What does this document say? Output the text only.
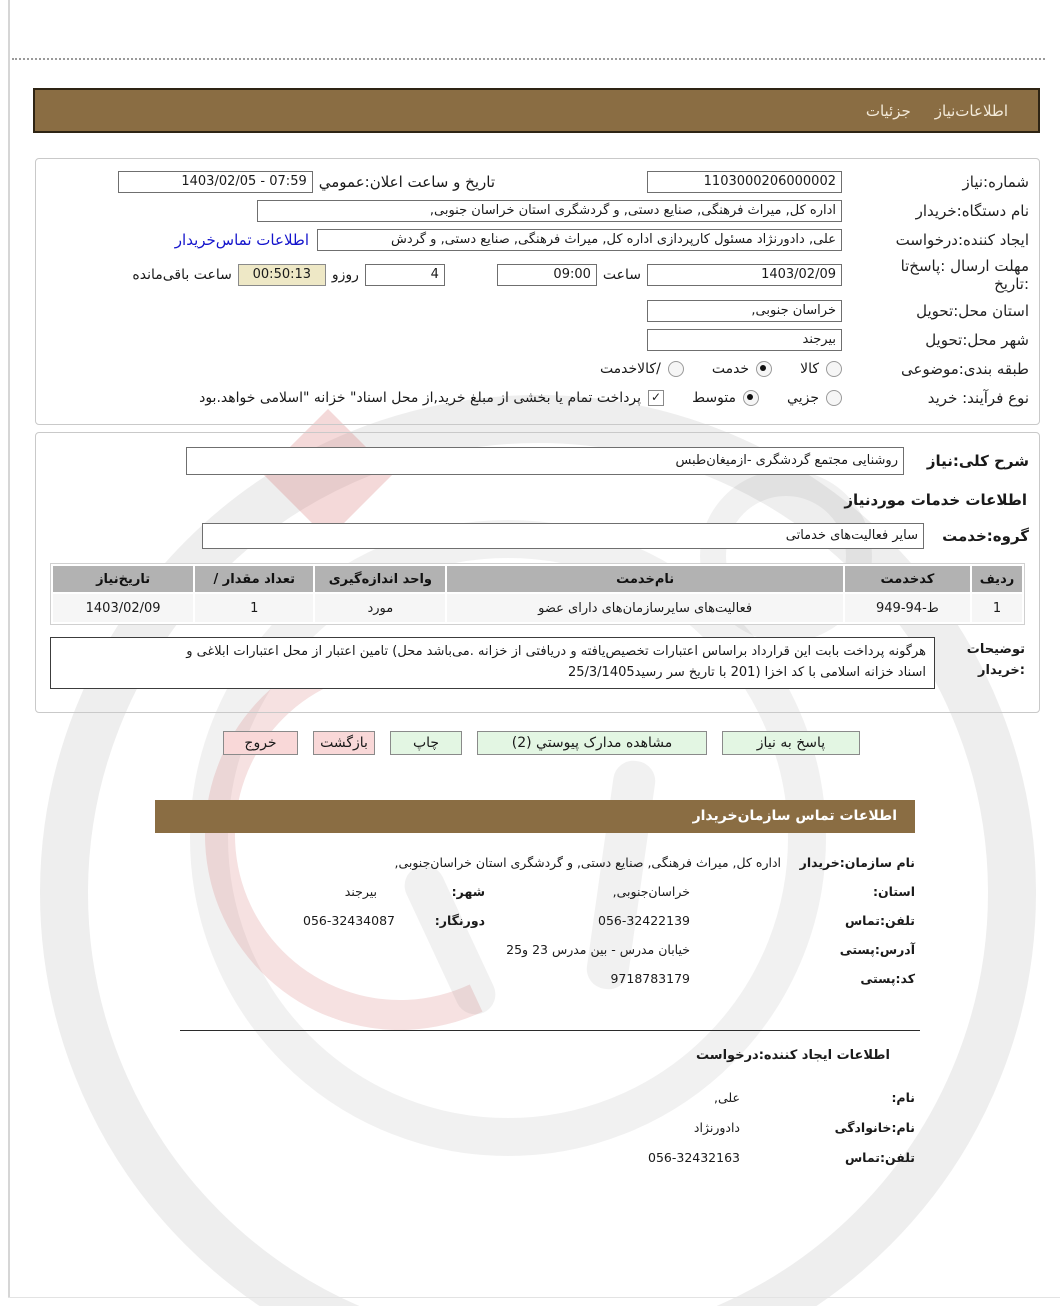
اطلاعات‌نیاز
جزئیات
شماره:نیاز
1103000206000002
تاریخ و ساعت اعلان:عمومي
07:59 - 1403/02/05
نام دستگاه:خریدار
اداره کل, میراث فرهنگی, صنایع دستی, و گردشگری استان خراسان جنوبی,
ایجاد کننده:درخواست
علی, دادورنژاد مسئول کارپردازی اداره کل, میراث فرهنگی, صنایع دستی, و گردش
اطلاعات تماس‌خریدار
مهلت ارسال :پاسخ‌تا
:تاریخ
1403/02/09
ساعت
09:00
4
روزو
00:50:13
ساعت باقی‌مانده
استان محل:تحویل
خراسان جنوبی,
شهر محل:تحویل
بیرجند
طبقه بندی:موضوعی
کالا
خدمت
/کالاخدمت
نوع فرآیند: خرید
جزیي
متوسط
✓
پرداخت تمام یا بخشی از مبلغ خرید,از محل اسناد" خزانه "اسلامی خواهد.بود
شرح کلی:نیاز
روشنایی مجتمع گردشگری -ازمیغان‌طبس
اطلاعات خدمات موردنیاز
گروه:خدمت
سایر فعالیت‌های خدماتی
ردیف	کدخدمت	نام‌خدمت	واحد اندازه‌گیری	تعداد مقدار /	تاریخ‌نیاز
1	ط-94-949	فعالیت‌های سایرسازمان‌های دارای عضو	مورد	1	1403/02/09
توضیحات
:خریدار
هرگونه پرداخت بابت این قرارداد براساس اعتبارات تخصیص‌یافته و دریافتی از خزانه .می‌باشد محل) تامین اعتبار از محل اعتبارات ابلاغی و
اسناد خزانه اسلامی با کد اخزا (201 با تاریخ سر رسید25/3/1405
پاسخ به نیاز
مشاهده مدارک پیوستي (2)
چاپ
بازگشت
خروج
اطلاعات تماس سازمان‌خریدار
نام سازمان:خریدار
اداره کل, میراث فرهنگی, صنایع دستی, و گردشگری استان خراسان‌جنوبی,
استان:
خراسان‌جنوبی,
شهر:
بیرجند
تلفن:تماس
056-32422139
دورنگار:
056-32434087
آدرس:پستی
خیابان مدرس - بین مدرس 23 و25
کد:پستی
9718783179
اطلاعات ایجاد کننده:درخواست
نام:
علی,
نام:خانوادگی
دادورنژاد
تلفن:تماس
056-32432163
